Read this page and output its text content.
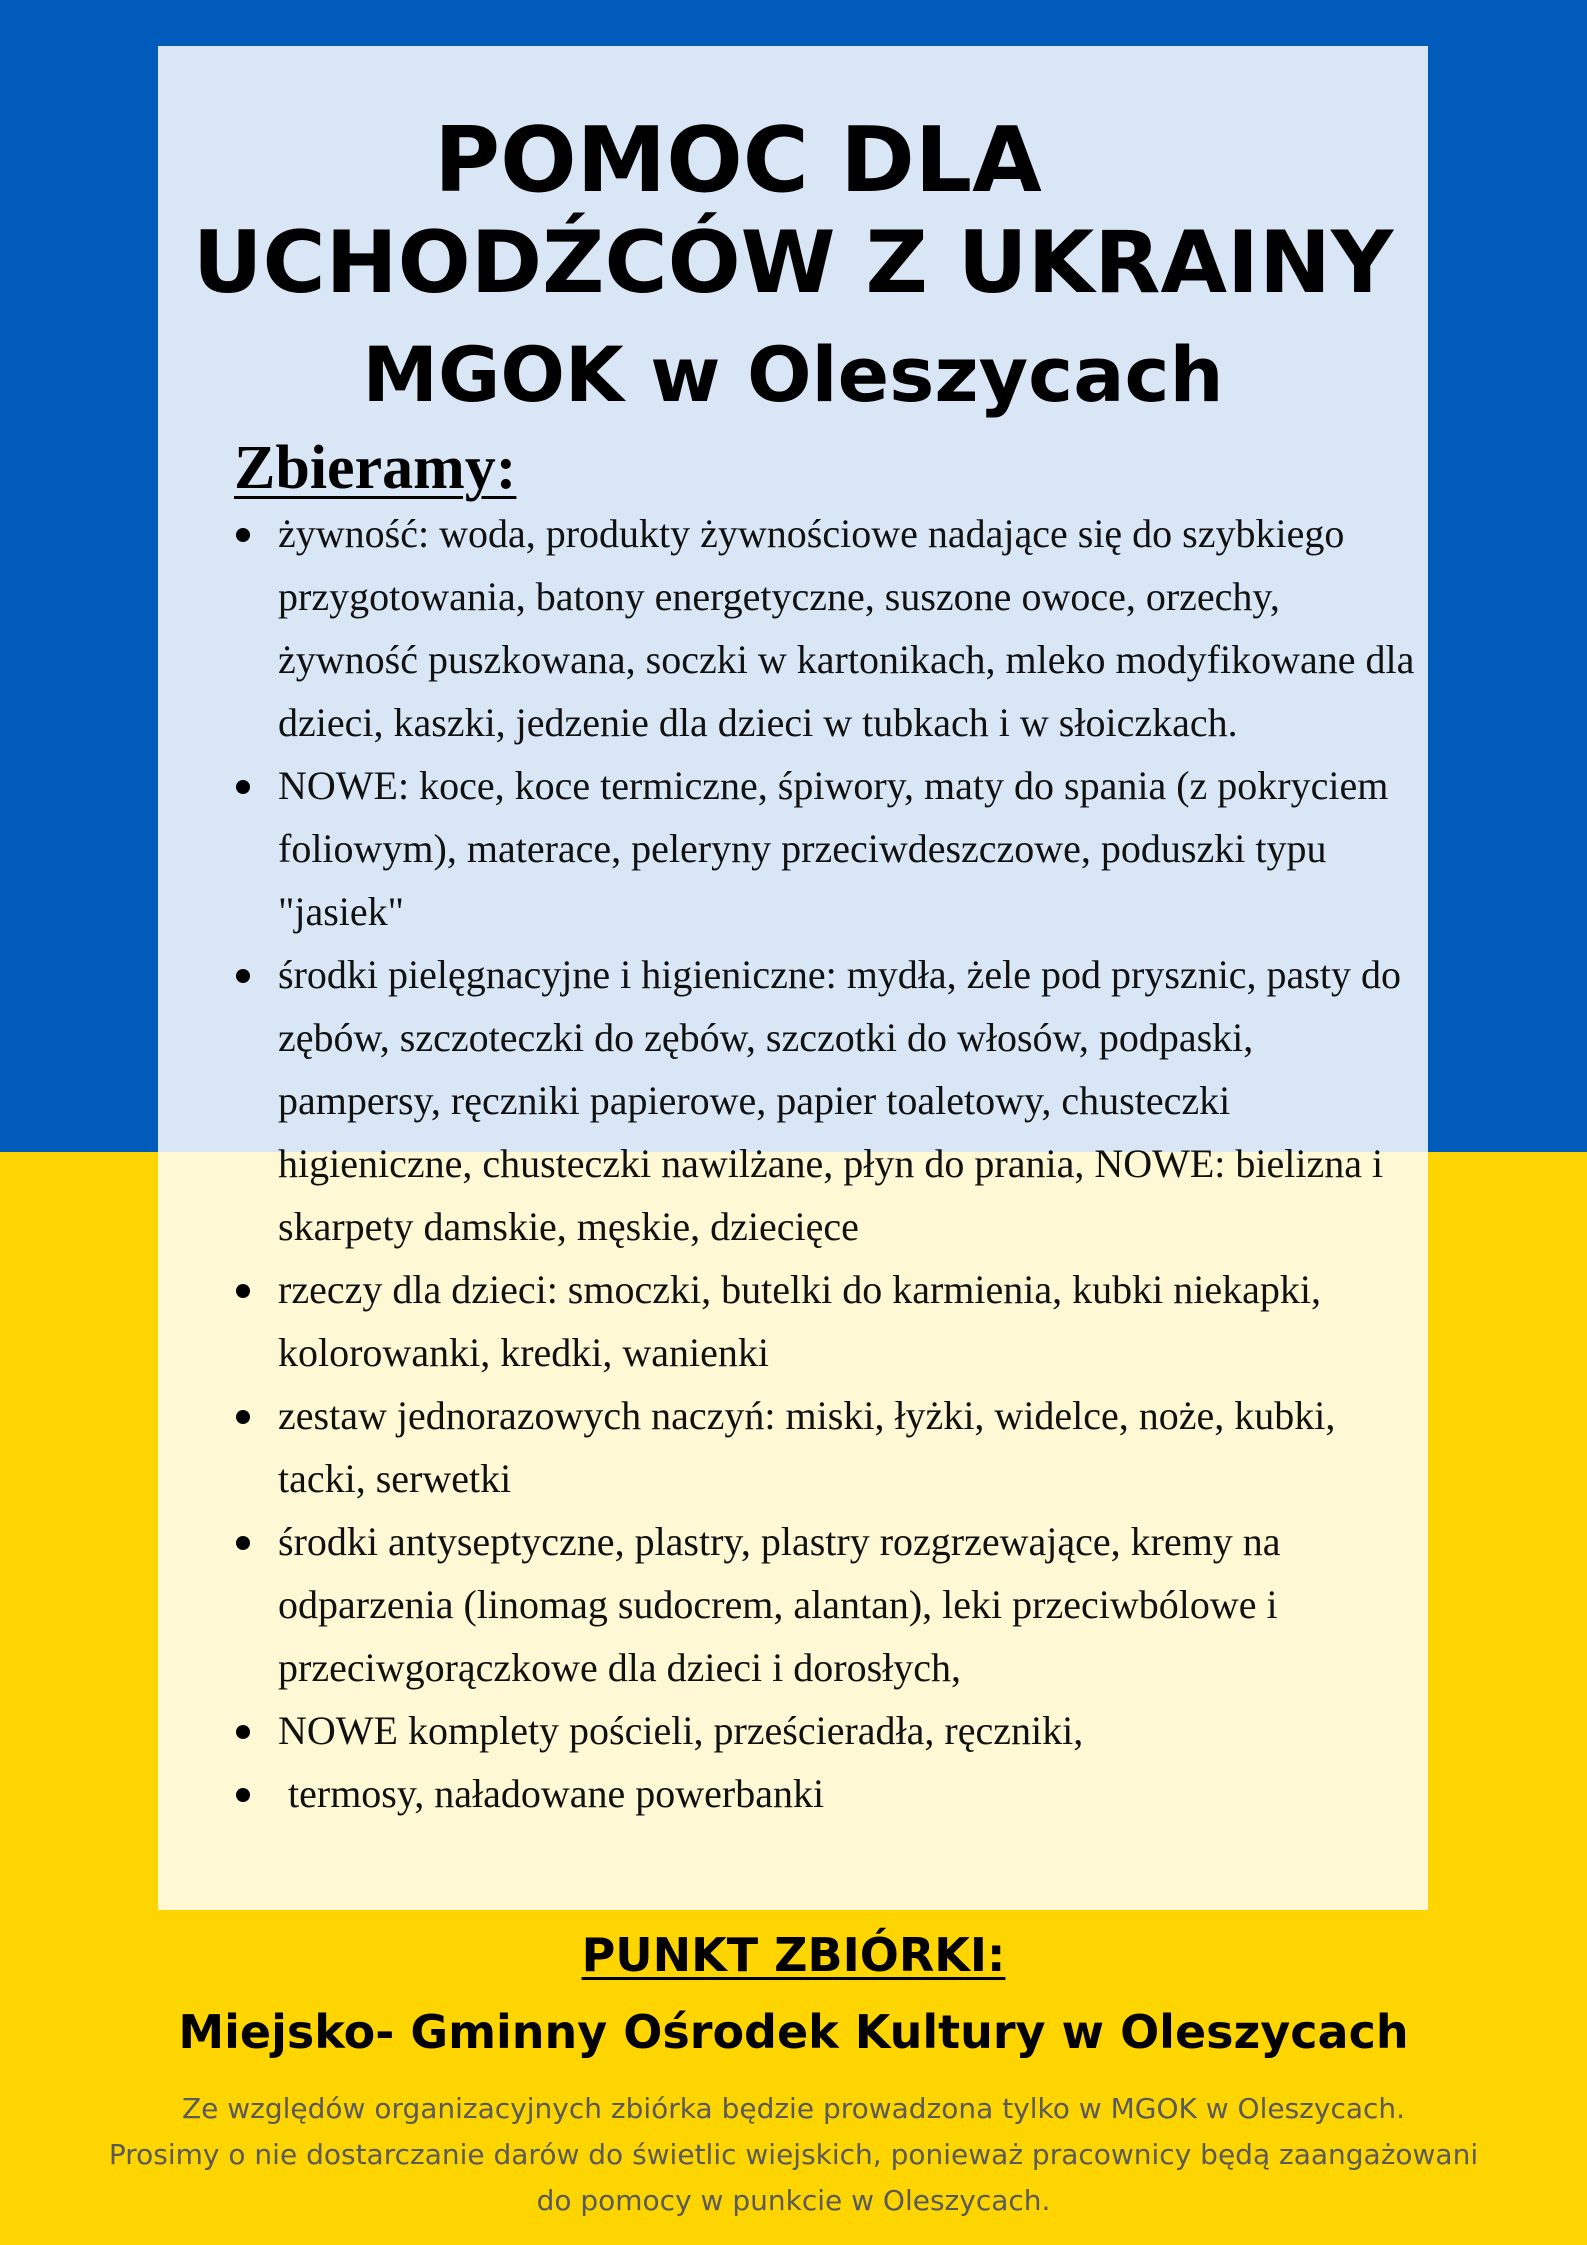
POMOC DLA
UCHODŹCÓW Z UKRAINY
MGOK w Oleszycach
Zbieramy:
żywność: woda, produkty żywnościowe nadające się do szybkiego przygotowania, batony energetyczne, suszone owoce, orzechy, żywność puszkowana, soczki w kartonikach, mleko modyfikowane dla dzieci, kaszki, jedzenie dla dzieci w tubkach i w słoiczkach.
NOWE: koce, koce termiczne, śpiwory, maty do spania (z pokryciem foliowym), materace, peleryny przeciwdeszczowe, poduszki typu "jasiek"
środki pielęgnacyjne i higieniczne: mydła, żele pod prysznic, pasty do zębów, szczoteczki do zębów, szczotki do włosów, podpaski, pampersy, ręczniki papierowe, papier toaletowy, chusteczki higieniczne, chusteczki nawilżane, płyn do prania, NOWE: bielizna i skarpety damskie, męskie, dziecięce
rzeczy dla dzieci: smoczki, butelki do karmienia, kubki niekapki, kolorowanki, kredki, wanienki
zestaw jednorazowych naczyń: miski, łyżki, widelce, noże, kubki, tacki, serwetki
środki antyseptyczne, plastry, plastry rozgrzewające, kremy na odparzenia (linomag sudocrem, alantan), leki przeciwbólowe i przeciwgorączkowe dla dzieci i dorosłych,
NOWE komplety pościeli, prześcieradła, ręczniki,
termosy, naładowane powerbanki
PUNKT ZBIÓRKI:
Miejsko- Gminny Ośrodek Kultury w Oleszycach
Ze względów organizacyjnych zbiórka będzie prowadzona tylko w MGOK w Oleszycach.
Prosimy o nie dostarczanie darów do świetlic wiejskich, ponieważ pracownicy będą zaangażowani
do pomocy w punkcie w Oleszycach.
